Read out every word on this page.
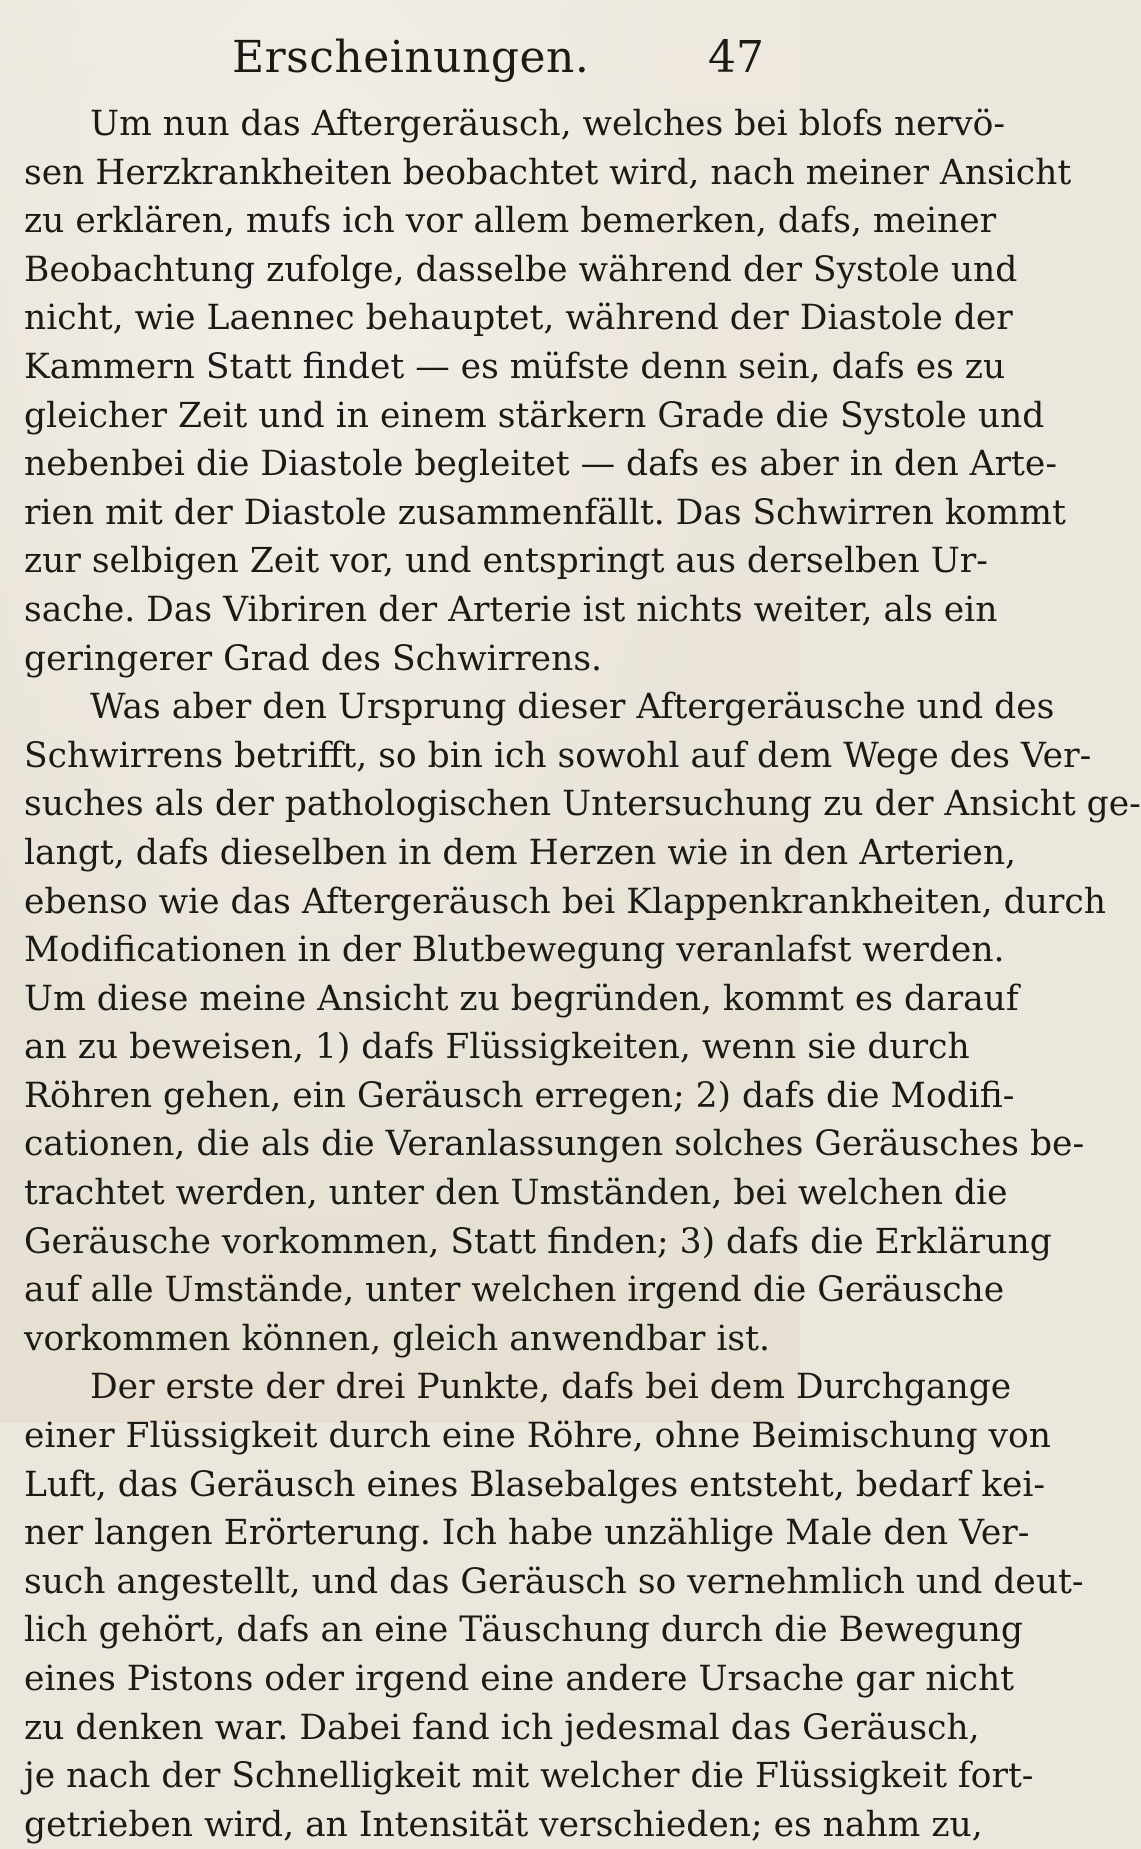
Erscheinungen.	47
Um nun das Aftergeräusch, welches bei blofs nervö-
sen Herzkrankheiten beobachtet wird, nach meiner Ansicht
zu erklären, mufs ich vor allem bemerken, dafs, meiner
Beobachtung zufolge, dasselbe während der Systole und
nicht, wie Laennec behauptet, während der Diastole der
Kammern Statt findet — es müfste denn sein, dafs es zu
gleicher Zeit und in einem stärkern Grade die Systole und
nebenbei die Diastole begleitet — dafs es aber in den Arte-
rien mit der Diastole zusammenfällt. Das Schwirren kommt
zur selbigen Zeit vor, und entspringt aus derselben Ur-
sache. Das Vibriren der Arterie ist nichts weiter, als ein
geringerer Grad des Schwirrens.
Was aber den Ursprung dieser Aftergeräusche und des
Schwirrens betrifft, so bin ich sowohl auf dem Wege des Ver-
suches als der pathologischen Untersuchung zu der Ansicht ge-
langt, dafs dieselben in dem Herzen wie in den Arterien,
ebenso wie das Aftergeräusch bei Klappenkrankheiten, durch
Modificationen in der Blutbewegung veranlafst werden.
Um diese meine Ansicht zu begründen, kommt es darauf
an zu beweisen, 1) dafs Flüssigkeiten, wenn sie durch
Röhren gehen, ein Geräusch erregen; 2) dafs die Modifi-
cationen, die als die Veranlassungen solches Geräusches be-
trachtet werden, unter den Umständen, bei welchen die
Geräusche vorkommen, Statt finden; 3) dafs die Erklärung
auf alle Umstände, unter welchen irgend die Geräusche
vorkommen können, gleich anwendbar ist.
Der erste der drei Punkte, dafs bei dem Durchgange
einer Flüssigkeit durch eine Röhre, ohne Beimischung von
Luft, das Geräusch eines Blasebalges entsteht, bedarf kei-
ner langen Erörterung. Ich habe unzählige Male den Ver-
such angestellt, und das Geräusch so vernehmlich und deut-
lich gehört, dafs an eine Täuschung durch die Bewegung
eines Pistons oder irgend eine andere Ursache gar nicht
zu denken war. Dabei fand ich jedesmal das Geräusch,
je nach der Schnelligkeit mit welcher die Flüssigkeit fort-
getrieben wird, an Intensität verschieden; es nahm zu,
